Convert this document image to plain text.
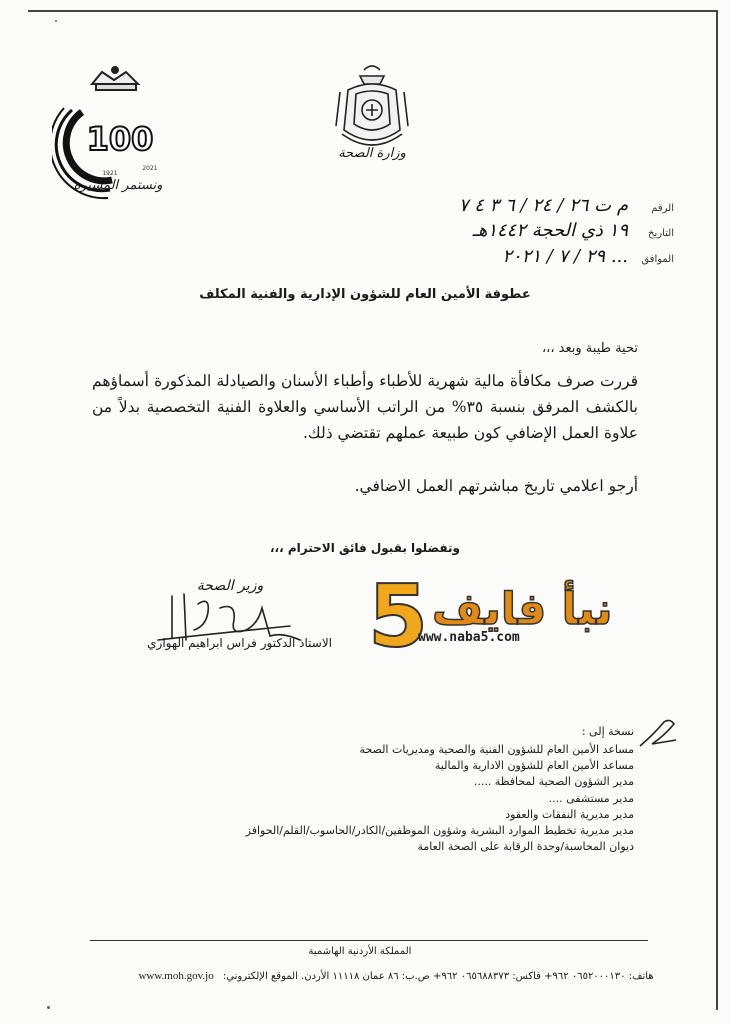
100
1921
2021
ونستمر المسيرة
وزارة الصحة
الرقم
م ت ٢٦ / ٢٤ / ٦ ٣ ٤ ٧
التاريخ
١٩ ذي الحجة ١٤٤٢هـ
الموافق
... ٢٩ / ٧ / ٢٠٢١
عطوفة الأمين العام للشؤون الإدارية والفنية المكلف
تحية طيبة وبعد ،،،
قررت صرف مكافأة مالية شهرية للأطباء وأطباء الأسنان والصيادلة المذكورة أسماؤهم بالكشف المرفق بنسبة ٣٥% من الراتب الأساسي والعلاوة الفنية التخصصية بدلاً من علاوة العمل الإضافي كون طبيعة عملهم تقتضي ذلك.
أرجو اعلامي تاريخ مباشرتهم العمل الاضافي.
وتفضلوا بقبول فائق الاحترام ،،،
وزير الصحة
الاستاذ الدكتور فراس ابراهيم الهواري 5 نبأ فايف
www.naba5.com
نسخة إلى :
مساعد الأمين العام للشؤون الفنية والصحية ومديريات الصحة
مساعد الأمين العام للشؤون الادارية والمالية
مدير الشؤون الصحية لمحافظة .....
مدير مستشفى ....
مدير مديرية النفقات والعقود
مدير مديرية تخطيط الموارد البشرية وشؤون الموظفين/الكادر/الحاسوب/القلم/الحوافز
ديوان المحاسبة/وحدة الرقابة على الصحة العامة
المملكة الأردنية الهاشمية
هاتف: ٠٦٥٢٠٠٠١٣٠ ٩٦٢+ فاكس: ٠٦٥٦٨٨٣٧٣ ٩٦٢+ ص.ب: ٨٦ عمان ١١١١٨ الأردن. الموقع الإلكتروني: www.moh.gov.jo
